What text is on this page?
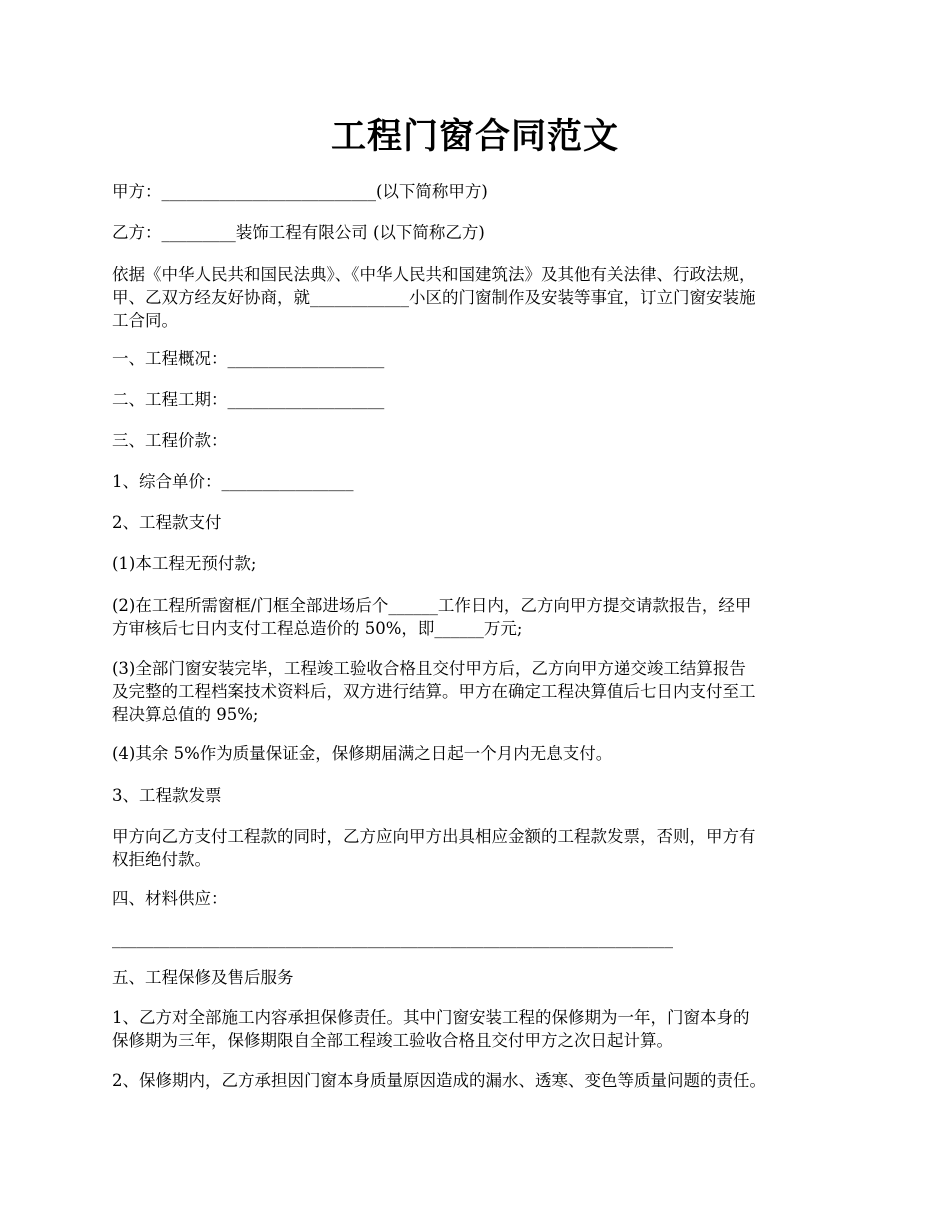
工程门窗合同范文

甲方：__________________________(以下简称甲方)

乙方：_________装饰工程有限公司 (以下简称乙方)

依据《中华人民共和国民法典》、《中华人民共和国建筑法》及其他有关法律、行政法规，

甲、乙双方经友好协商，就____________小区的门窗制作及安装等事宜，订立门窗安装施

工合同。

一、工程概况：___________________

二、工程工期：___________________

三、工程价款：

1、综合单价：________________

2、工程款支付

(1)本工程无预付款;

(2)在工程所需窗框/门框全部进场后个______工作日内，乙方向甲方提交请款报告，经甲

方审核后七日内支付工程总造价的 50%，即______万元;

(3)全部门窗安装完毕，工程竣工验收合格且交付甲方后，乙方向甲方递交竣工结算报告

及完整的工程档案技术资料后，双方进行结算。甲方在确定工程决算值后七日内支付至工

程决算总值的 95%;

(4)其余 5%作为质量保证金，保修期届满之日起一个月内无息支付。

3、工程款发票

甲方向乙方支付工程款的同时，乙方应向甲方出具相应金额的工程款发票，否则，甲方有

权拒绝付款。

四、材料供应：

____________________________________________________________________

五、工程保修及售后服务

1、乙方对全部施工内容承担保修责任。其中门窗安装工程的保修期为一年，门窗本身的

保修期为三年，保修期限自全部工程竣工验收合格且交付甲方之次日起计算。

2、保修期内，乙方承担因门窗本身质量原因造成的漏水、透寒、变色等质量问题的责任。
